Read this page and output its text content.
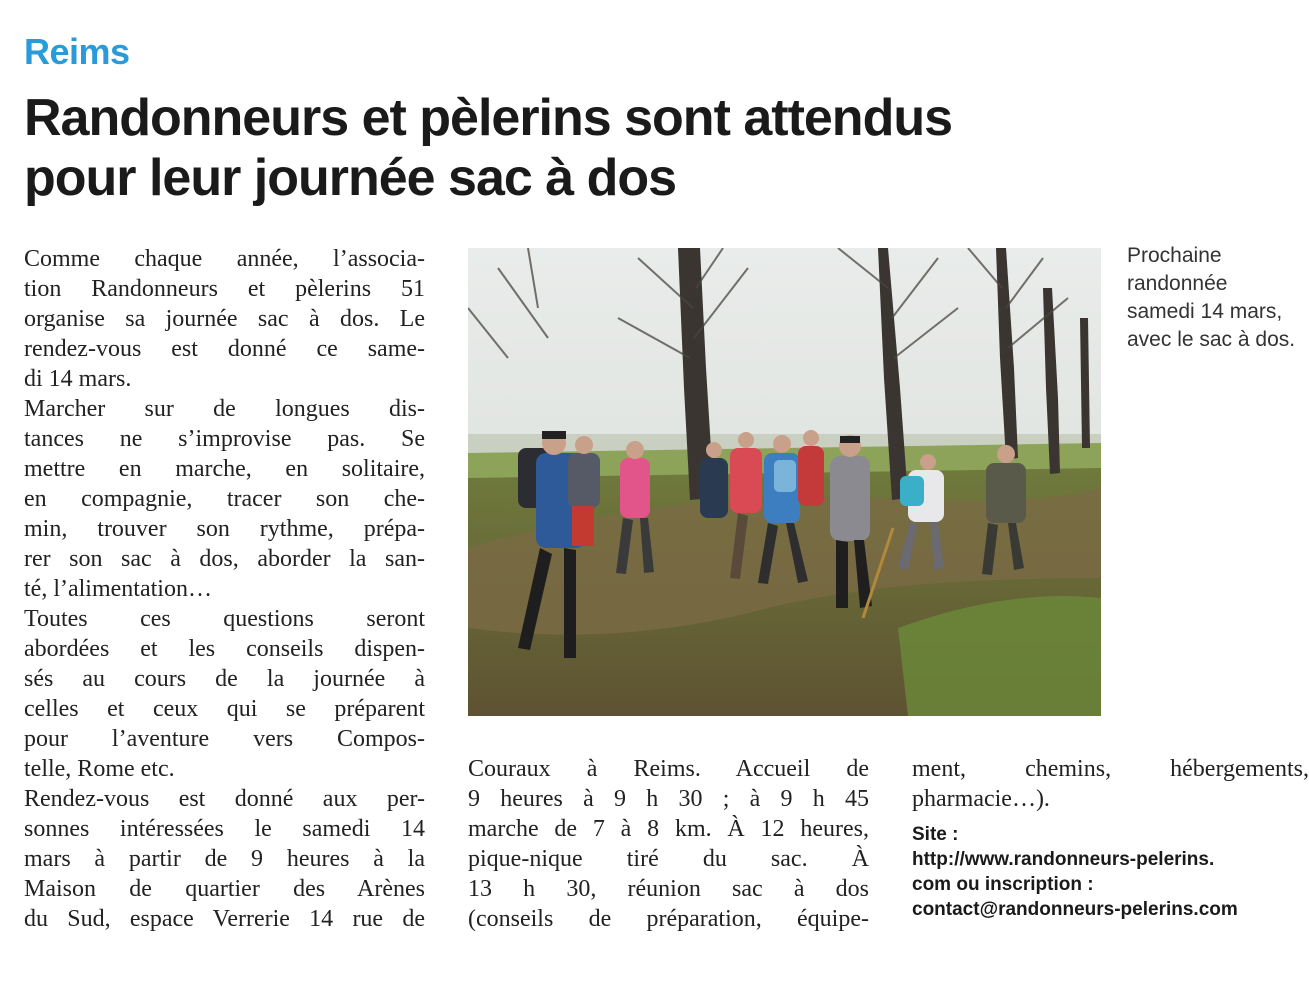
Reims
Randonneurs et pèlerins sont attendus
pour leur journée sac à dos

Comme chaque année, l’associa-
tion Randonneurs et pèlerins 51
organise sa journée sac à dos. Le
rendez-vous est donné ce same-
di 14 mars.

Marcher sur de longues dis-
tances ne s’improvise pas. Se
mettre en marche, en solitaire,
en compagnie, tracer son che-
min, trouver son rythme, prépa-
rer son sac à dos, aborder la san-
té, l’alimentation…

Toutes ces questions seront
abordées et les conseils dispen-
sés au cours de la journée à
celles et ceux qui se préparent
pour l’aventure vers Compos-
telle, Rome etc.

Rendez-vous est donné aux per-
sonnes intéressées le samedi 14
mars à partir de 9 heures à la
Maison de quartier des Arènes
du Sud, espace Verrerie 14 rue de

Prochaine
randonnée
samedi 14 mars,
avec le sac à dos.

Couraux à Reims. Accueil de
9 heures à 9 h 30 ; à 9 h 45
marche de 7 à 8 km. À 12 heures,
pique-nique tiré du sac. À
13 h 30, réunion sac à dos
(conseils de préparation, équipe-

ment, chemins, hébergements,
pharmacie…).

Site :
http://www.randonneurs-pelerins.
com ou inscription :
contact@randonneurs-pelerins.com
